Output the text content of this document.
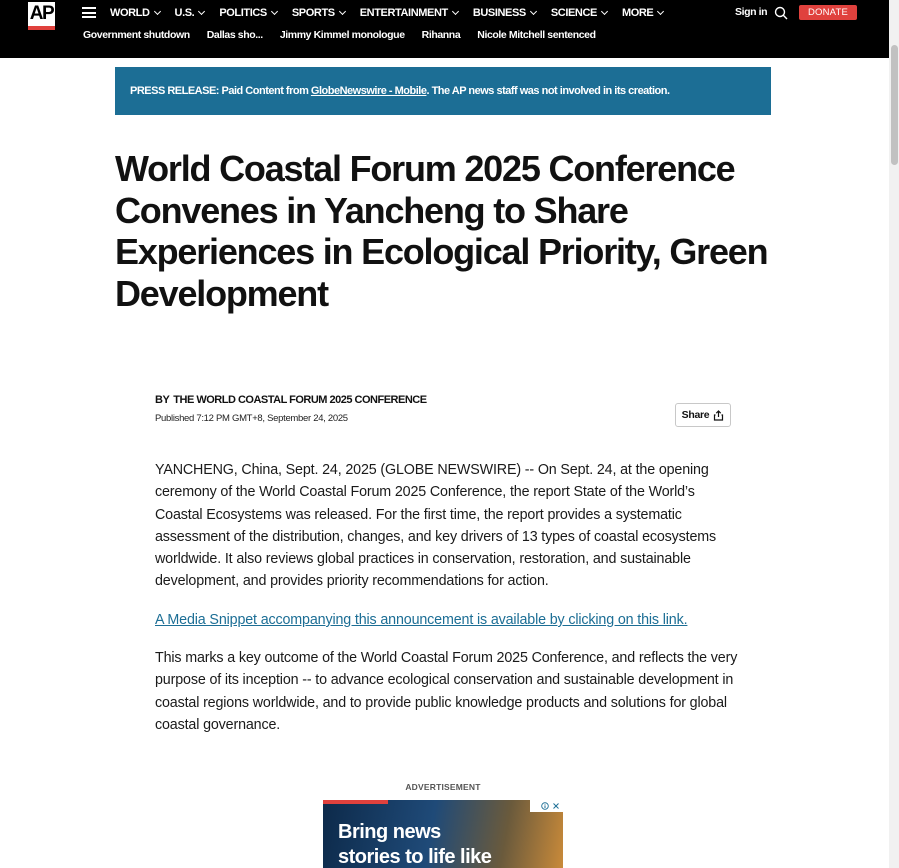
AP	WORLD U.S. POLITICS SPORTS ENTERTAINMENT BUSINESS SCIENCE MORE	Sign in	DONATE
Government shutdown Dallas sho... Jimmy Kimmel monologue Rihanna Nicole Mitchell sentenced
PRESS RELEASE: Paid Content from GlobeNewswire - Mobile. The AP news staff was not involved in its creation.
World Coastal Forum 2025 Conference Convenes in Yancheng to Share Experiences in Ecological Priority, Green Development
BY THE WORLD COASTAL FORUM 2025 CONFERENCE
Published 7:12 PM GMT+8, September 24, 2025	Share

YANCHENG, China, Sept. 24, 2025 (GLOBE NEWSWIRE) -- On Sept. 24, at the opening ceremony of the World Coastal Forum 2025 Conference, the report State of the World’s Coastal Ecosystems was released. For the first time, the report provides a systematic assessment of the distribution, changes, and key drivers of 13 types of coastal ecosystems worldwide. It also reviews global practices in conservation, restoration, and sustainable development, and provides priority recommendations for action.

A Media Snippet accompanying this announcement is available by clicking on this link.

This marks a key outcome of the World Coastal Forum 2025 Conference, and reflects the very purpose of its inception -- to advance ecological conservation and sustainable development in coastal regions worldwide, and to provide public knowledge products and solutions for global coastal governance.

ADVERTISEMENT
Bring news
stories to life like
